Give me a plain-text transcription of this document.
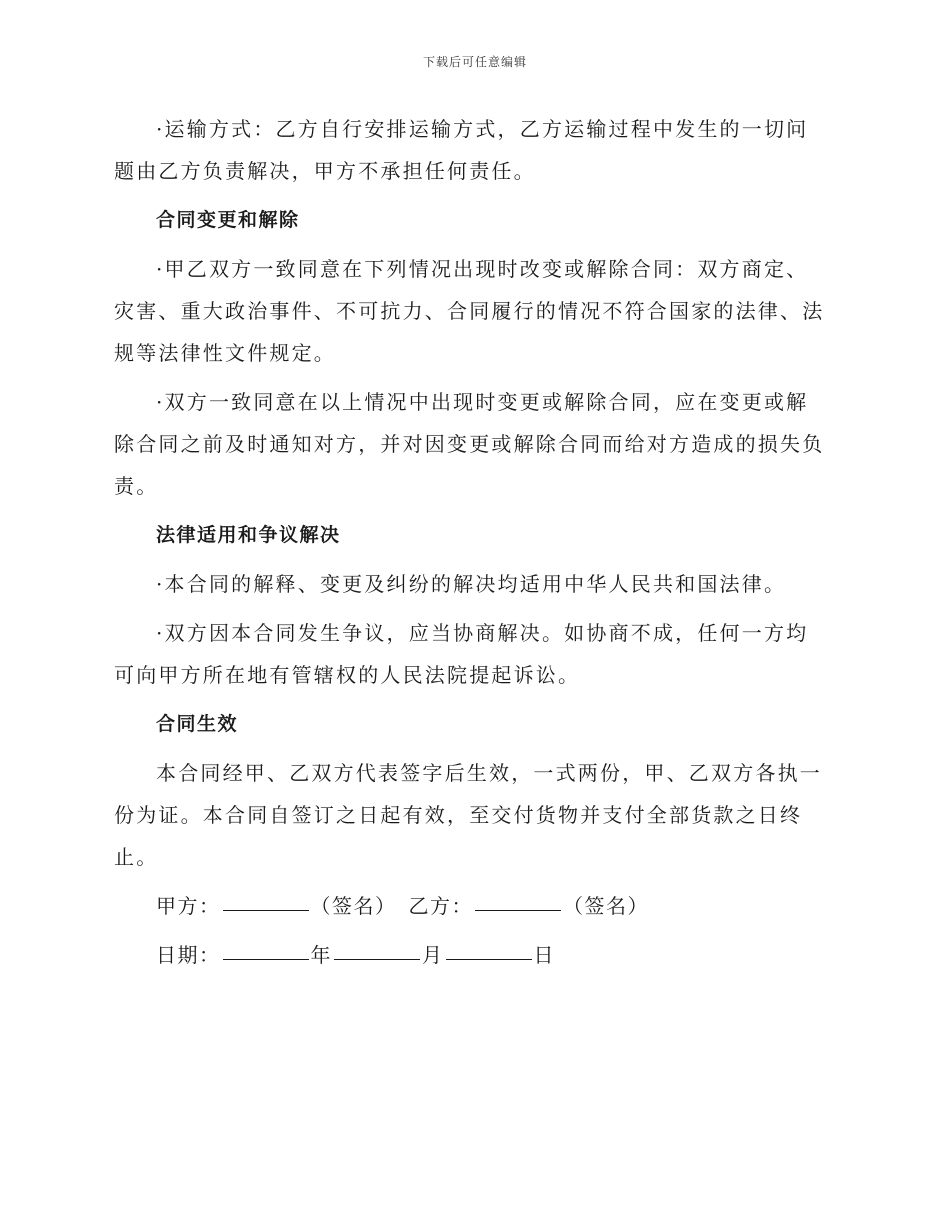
下载后可任意编辑

·运输方式：乙方自行安排运输方式，乙方运输过程中发生的一切问题由乙方负责解决，甲方不承担任何责任。

合同变更和解除

·甲乙双方一致同意在下列情况出现时改变或解除合同：双方商定、灾害、重大政治事件、不可抗力、合同履行的情况不符合国家的法律、法规等法律性文件规定。

·双方一致同意在以上情况中出现时变更或解除合同，应在变更或解除合同之前及时通知对方，并对因变更或解除合同而给对方造成的损失负责。

法律适用和争议解决

·本合同的解释、变更及纠纷的解决均适用中华人民共和国法律。

·双方因本合同发生争议，应当协商解决。如协商不成，任何一方均可向甲方所在地有管辖权的人民法院提起诉讼。

合同生效

本合同经甲、乙双方代表签字后生效，一式两份，甲、乙双方各执一份为证。本合同自签订之日起有效，至交付货物并支付全部货款之日终止。

甲方：	（签名） 乙方：	（签名）
日期：	年	月	日
